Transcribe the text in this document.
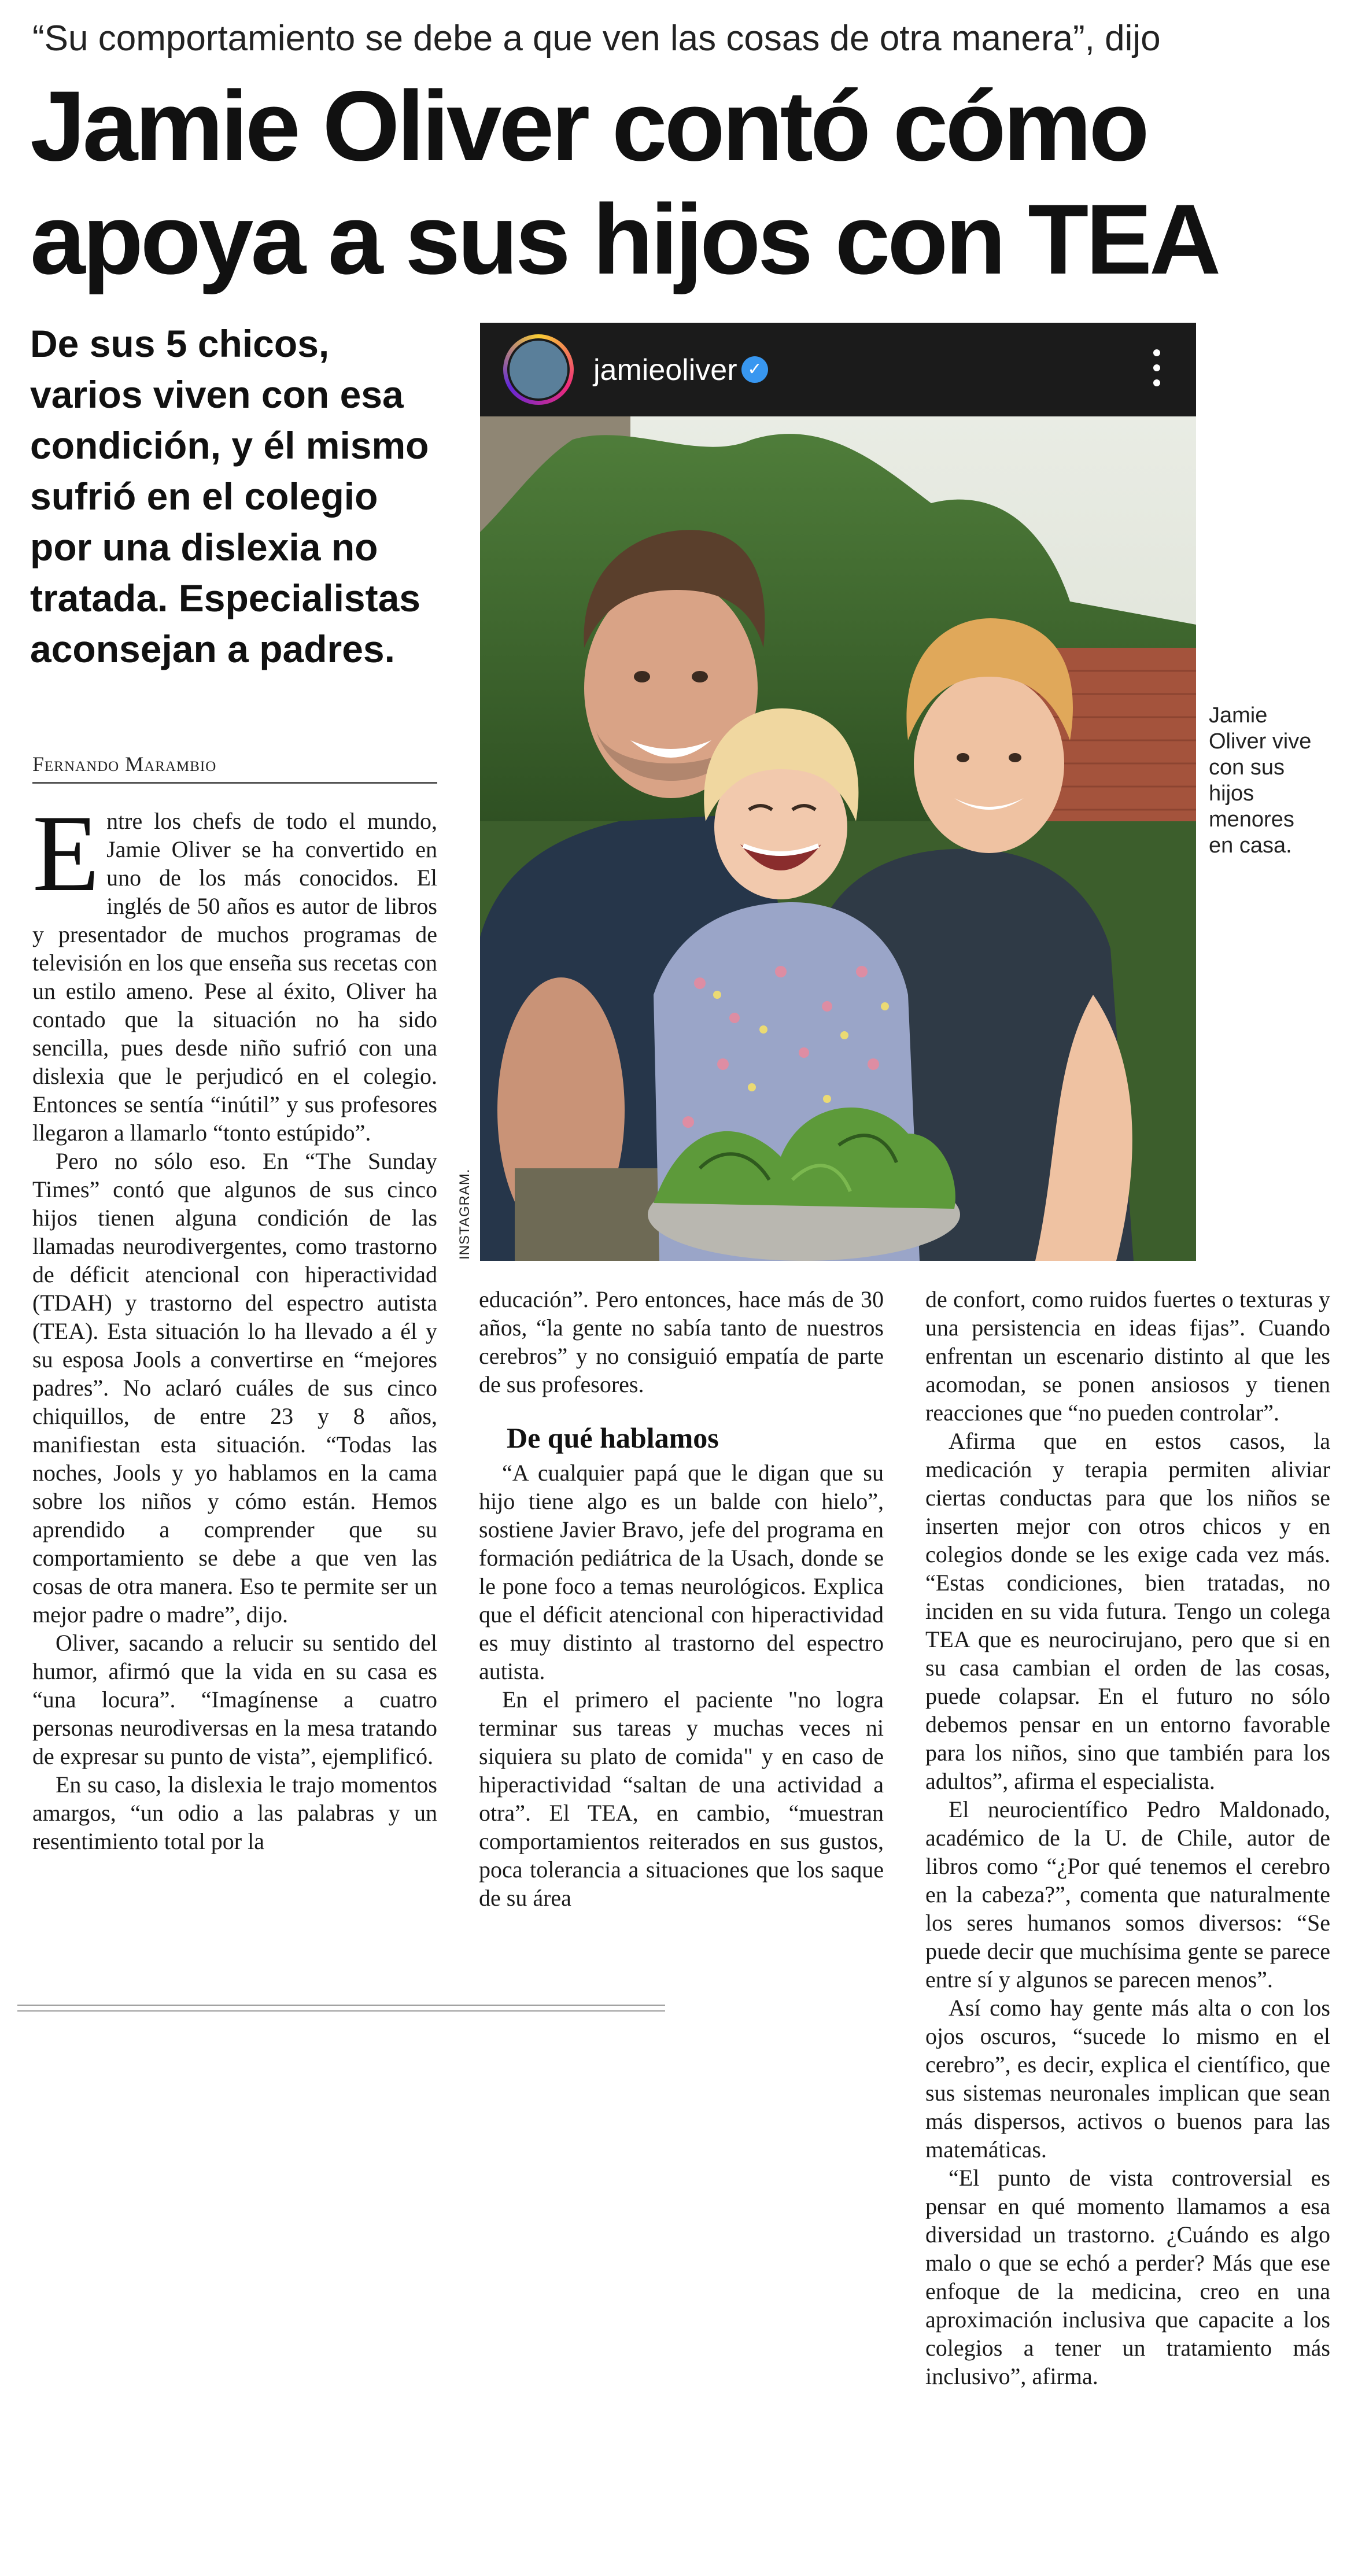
“Su comportamiento se debe a que ven las cosas de otra manera”, dijo
Jamie Oliver contó cómo
apoya a sus hijos con TEA

De sus 5 chicos, varios viven con esa condición, y él mismo sufrió en el colegio por una dislexia no tratada. Especialistas aconsejan a padres.

Fernando Marambio
jamieoliver ✓
INSTAGRAM.
Jamie Oliver vive con sus hijos menores en casa.

Entre los chefs de todo el mundo, Jamie Oliver se ha convertido en uno de los más conocidos. El inglés de 50 años es autor de libros y presentador de muchos programas de televisión en los que enseña sus recetas con un estilo ameno. Pese al éxito, Oliver ha contado que la situación no ha sido sencilla, pues desde niño sufrió con una dislexia que le perjudicó en el colegio. Entonces se sentía “inútil” y sus profesores llegaron a llamarlo “tonto estúpido”.

Pero no sólo eso. En “The Sunday Times” contó que algunos de sus cinco hijos tienen alguna condición de las llamadas neurodivergentes, como trastorno de déficit atencional con hiperactividad (TDAH) y trastorno del espectro autista (TEA). Esta situación lo ha llevado a él y su esposa Jools a convertirse en “mejores padres”. No aclaró cuáles de sus cinco chiquillos, de entre 23 y 8 años, manifiestan esta situación. “Todas las noches, Jools y yo hablamos en la cama sobre los niños y cómo están. Hemos aprendido a comprender que su comportamiento se debe a que ven las cosas de otra manera. Eso te permite ser un mejor padre o madre”, dijo.

Oliver, sacando a relucir su sentido del humor, afirmó que la vida en su casa es “una locura”. “Imagínense a cuatro personas neurodiversas en la mesa tratando de expresar su punto de vista”, ejemplificó.

En su caso, la dislexia le trajo momentos amargos, “un odio a las palabras y un resentimiento total por la

educación”. Pero entonces, hace más de 30 años, “la gente no sabía tanto de nuestros cerebros” y no consiguió empatía de parte de sus profesores.

De qué hablamos

“A cualquier papá que le digan que su hijo tiene algo es un balde con hielo”, sostiene Javier Bravo, jefe del programa en formación pediátrica de la Usach, donde se le pone foco a temas neurológicos. Explica que el déficit atencional con hiperactividad es muy distinto al trastorno del espectro autista.

En el primero el paciente "no logra terminar sus tareas y muchas veces ni siquiera su plato de comida" y en caso de hiperactividad “saltan de una actividad a otra”. El TEA, en cambio, “muestran comportamientos reiterados en sus gustos, poca tolerancia a situaciones que los saque de su área

de confort, como ruidos fuertes o texturas y una persistencia en ideas fijas”. Cuando enfrentan un escenario distinto al que les acomodan, se ponen ansiosos y tienen reacciones que “no pueden controlar”.

Afirma que en estos casos, la medicación y terapia permiten aliviar ciertas conductas para que los niños se inserten mejor con otros chicos y en colegios donde se les exige cada vez más. “Estas condiciones, bien tratadas, no inciden en su vida futura. Tengo un colega TEA que es neurocirujano, pero que si en su casa cambian el orden de las cosas, puede colapsar. En el futuro no sólo debemos pensar en un entorno favorable para los niños, sino que también para los adultos”, afirma el especialista.

El neurocientífico Pedro Maldonado, académico de la U. de Chile, autor de libros como “¿Por qué tenemos el cerebro en la cabeza?”, comenta que naturalmente los seres humanos somos diversos: “Se puede decir que muchísima gente se parece entre sí y algunos se parecen menos”.

Así como hay gente más alta o con los ojos oscuros, “sucede lo mismo en el cerebro”, es decir, explica el científico, que sus sistemas neuronales implican que sean más dispersos, activos o buenos para las matemáticas.

“El punto de vista controversial es pensar en qué momento llamamos a esa diversidad un trastorno. ¿Cuándo es algo malo o que se echó a perder? Más que ese enfoque de la medicina, creo en una aproximación inclusiva que capacite a los colegios a tener un tratamiento más inclusivo”, afirma.
